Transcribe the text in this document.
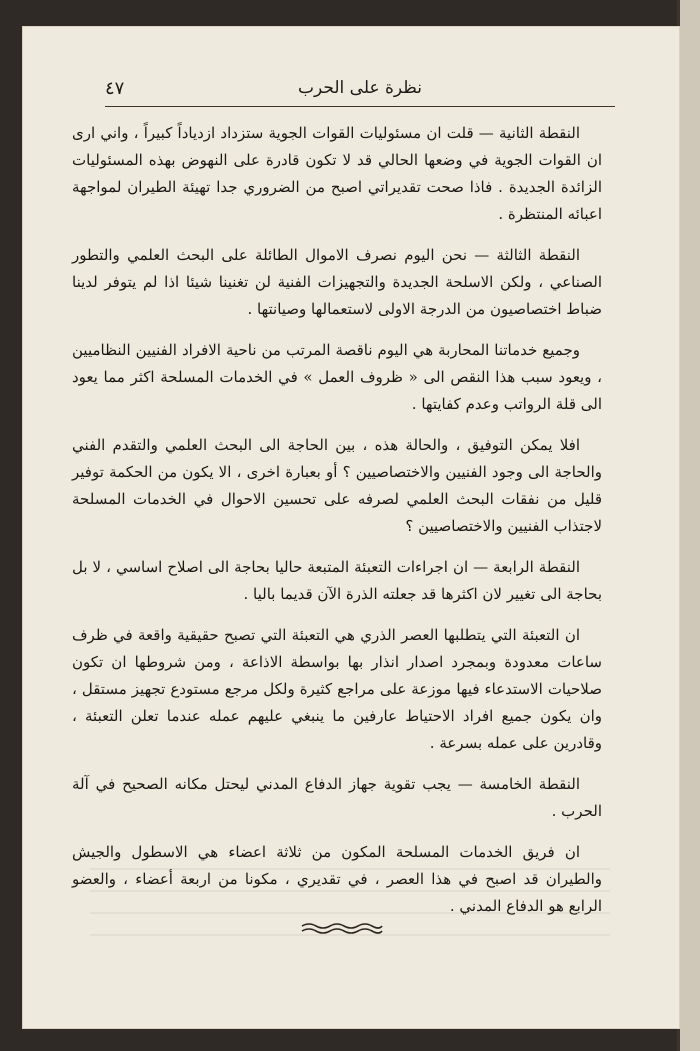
نظرة على الحرب
٤٧

النقطة الثانية — قلت ان مسئوليات القوات الجوية ستزداد ازدياداً كبيراً ، واني ارى ان القوات الجوية في وضعها الحالي قد لا تكون قادرة على النهوض بهذه المسئوليات الزائدة الجديدة . فاذا صحت تقديراتي اصبح من الضروري جدا تهيئة الطيران لمواجهة اعبائه المنتظرة .

النقطة الثالثة — نحن اليوم نصرف الاموال الطائلة على البحث العلمي والتطور الصناعي ، ولكن الاسلحة الجديدة والتجهيزات الفنية لن تغنينا شيئا اذا لم يتوفر لدينا ضباط اختصاصيون من الدرجة الاولى لاستعمالها وصيانتها .

وجميع خدماتنا المحاربة هي اليوم ناقصة المرتب من ناحية الافراد الفنيين النظاميين ، ويعود سبب هذا النقص الى « ظروف العمل » في الخدمات المسلحة اكثر مما يعود الى قلة الرواتب وعدم كفايتها .

افلا يمكن التوفيق ، والحالة هذه ، بين الحاجة الى البحث العلمي والتقدم الفني والحاجة الى وجود الفنيين والاختصاصيين ؟ أو بعبارة اخرى ، الا يكون من الحكمة توفير قليل من نفقات البحث العلمي لصرفه على تحسين الاحوال في الخدمات المسلحة لاجتذاب الفنيين والاختصاصيين ؟

النقطة الرابعة — ان اجراءات التعبئة المتبعة حاليا بحاجة الى اصلاح اساسي ، لا بل بحاجة الى تغيير لان اكثرها قد جعلته الذرة الآن قديما باليا .

ان التعبئة التي يتطلبها العصر الذري هي التعبئة التي تصبح حقيقية واقعة في ظرف ساعات معدودة وبمجرد اصدار انذار بها بواسطة الاذاعة ، ومن شروطها ان تكون صلاحيات الاستدعاء فيها موزعة على مراجع كثيرة ولكل مرجع مستودع تجهيز مستقل ، وان يكون جميع افراد الاحتياط عارفين ما ينبغي عليهم عمله عندما تعلن التعبئة ، وقادرين على عمله بسرعة .

النقطة الخامسة — يجب تقوية جهاز الدفاع المدني ليحتل مكانه الصحيح في آلة الحرب .

ان فريق الخدمات المسلحة المكون من ثلاثة اعضاء هي الاسطول والجيش والطيران قد اصبح في هذا العصر ، في تقديري ، مكونا من اربعة أعضاء ، والعضو الرابع هو الدفاع المدني .
